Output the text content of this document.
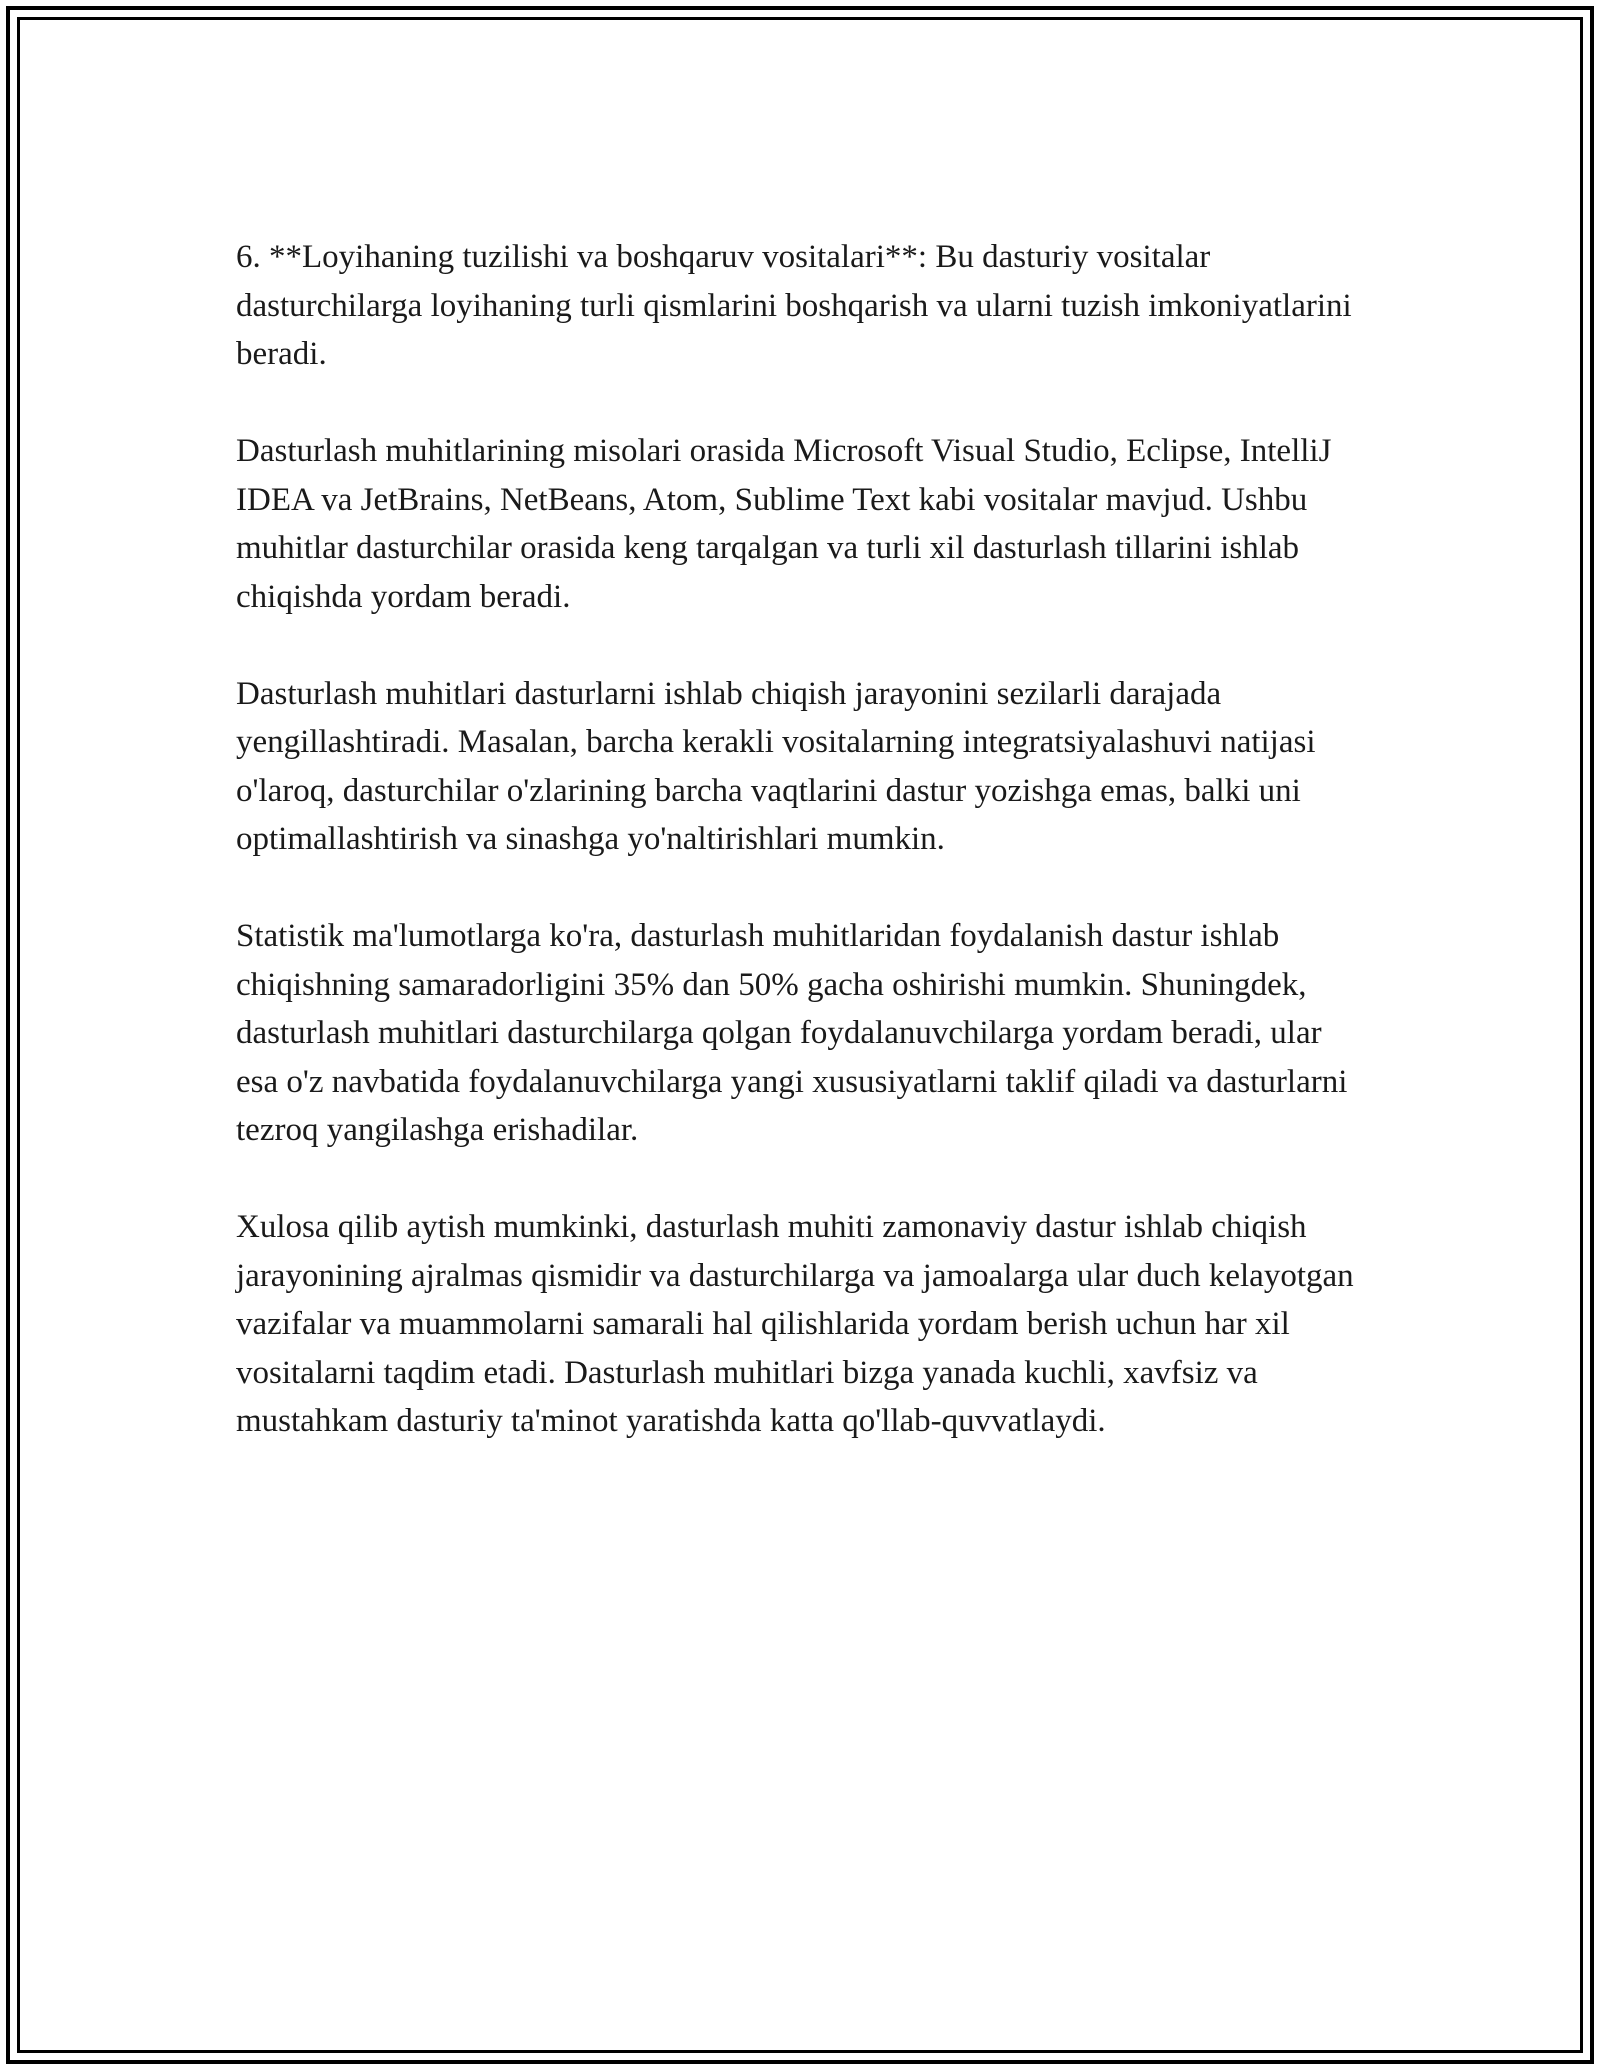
6. **Loyihaning tuzilishi va boshqaruv vositalari**: Bu dasturiy vositalar dasturchilarga loyihaning turli qismlarini boshqarish va ularni tuzish imkoniyatlarini beradi.

Dasturlash muhitlarining misolari orasida Microsoft Visual Studio, Eclipse, IntelliJ IDEA va JetBrains, NetBeans, Atom, Sublime Text kabi vositalar mavjud. Ushbu muhitlar dasturchilar orasida keng tarqalgan va turli xil dasturlash tillarini ishlab chiqishda yordam beradi.

Dasturlash muhitlari dasturlarni ishlab chiqish jarayonini sezilarli darajada yengillashtiradi. Masalan, barcha kerakli vositalarning integratsiyalashuvi natijasi o'laroq, dasturchilar o'zlarining barcha vaqtlarini dastur yozishga emas, balki uni optimallashtirish va sinashga yo'naltirishlari mumkin.

Statistik ma'lumotlarga ko'ra, dasturlash muhitlaridan foydalanish dastur ishlab chiqishning samaradorligini 35% dan 50% gacha oshirishi mumkin. Shuningdek, dasturlash muhitlari dasturchilarga qolgan foydalanuvchilarga yordam beradi, ular esa o'z navbatida foydalanuvchilarga yangi xususiyatlarni taklif qiladi va dasturlarni tezroq yangilashga erishadilar.

Xulosa qilib aytish mumkinki, dasturlash muhiti zamonaviy dastur ishlab chiqish jarayonining ajralmas qismidir va dasturchilarga va jamoalarga ular duch kelayotgan vazifalar va muammolarni samarali hal qilishlarida yordam berish uchun har xil vositalarni taqdim etadi. Dasturlash muhitlari bizga yanada kuchli, xavfsiz va mustahkam dasturiy ta'minot yaratishda katta qo'llab-quvvatlaydi.
